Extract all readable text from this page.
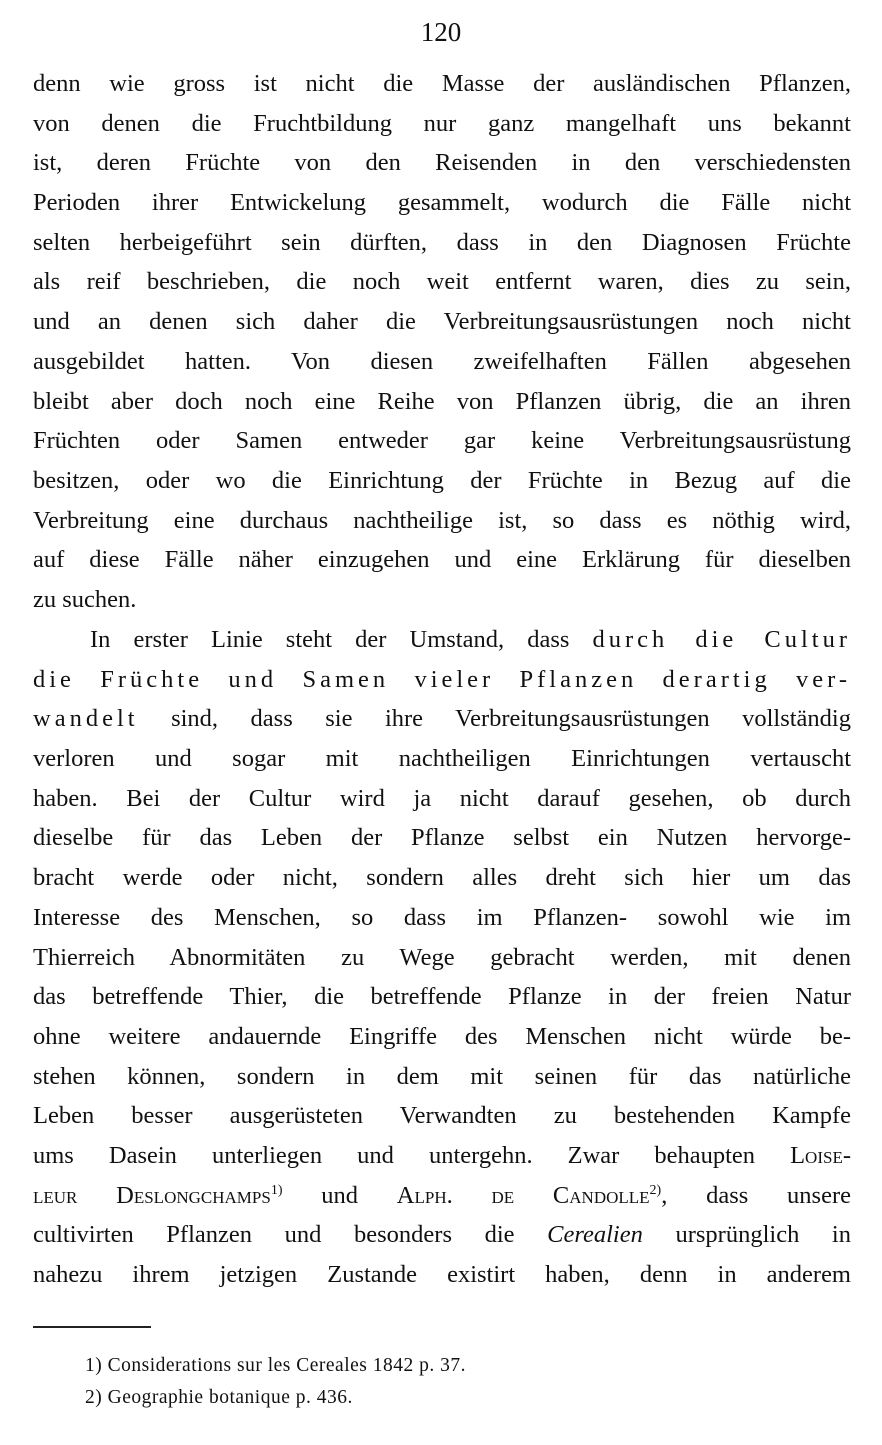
120
denn wie gross ist nicht die Masse der ausländischen Pflanzen,
von denen die Fruchtbildung nur ganz mangelhaft uns bekannt
ist, deren Früchte von den Reisenden in den verschiedensten
Perioden ihrer Entwickelung gesammelt, wodurch die Fälle nicht
selten herbeigeführt sein dürften, dass in den Diagnosen Früchte
als reif beschrieben, die noch weit entfernt waren, dies zu sein,
und an denen sich daher die Verbreitungsausrüstungen noch nicht
ausgebildet hatten. Von diesen zweifelhaften Fällen abgesehen
bleibt aber doch noch eine Reihe von Pflanzen übrig, die an ihren
Früchten oder Samen entweder gar keine Verbreitungsausrüstung
besitzen, oder wo die Einrichtung der Früchte in Bezug auf die
Verbreitung eine durchaus nachtheilige ist, so dass es nöthig wird,
auf diese Fälle näher einzugehen und eine Erklärung für dieselben
zu suchen.
In erster Linie steht der Umstand, dass durch die Cultur
die Früchte und Samen vieler Pflanzen derartig ver-
wandelt sind, dass sie ihre Verbreitungsausrüstungen vollständig
verloren und sogar mit nachtheiligen Einrichtungen vertauscht
haben. Bei der Cultur wird ja nicht darauf gesehen, ob durch
dieselbe für das Leben der Pflanze selbst ein Nutzen hervorge-
bracht werde oder nicht, sondern alles dreht sich hier um das
Interesse des Menschen, so dass im Pflanzen- sowohl wie im
Thierreich Abnormitäten zu Wege gebracht werden, mit denen
das betreffende Thier, die betreffende Pflanze in der freien Natur
ohne weitere andauernde Eingriffe des Menschen nicht würde be-
stehen können, sondern in dem mit seinen für das natürliche
Leben besser ausgerüsteten Verwandten zu bestehenden Kampfe
ums Dasein unterliegen und untergehn. Zwar behaupten Loise-
leur Deslongchamps$^{1)}$ und Alph. de Candolle$^{2)}$, dass unsere
cultivirten Pflanzen und besonders die Cerealien ursprünglich in
nahezu ihrem jetzigen Zustande existirt haben, denn in anderem
1) Considerations sur les Cereales 1842 p. 37.
2) Geographie botanique p. 436.
